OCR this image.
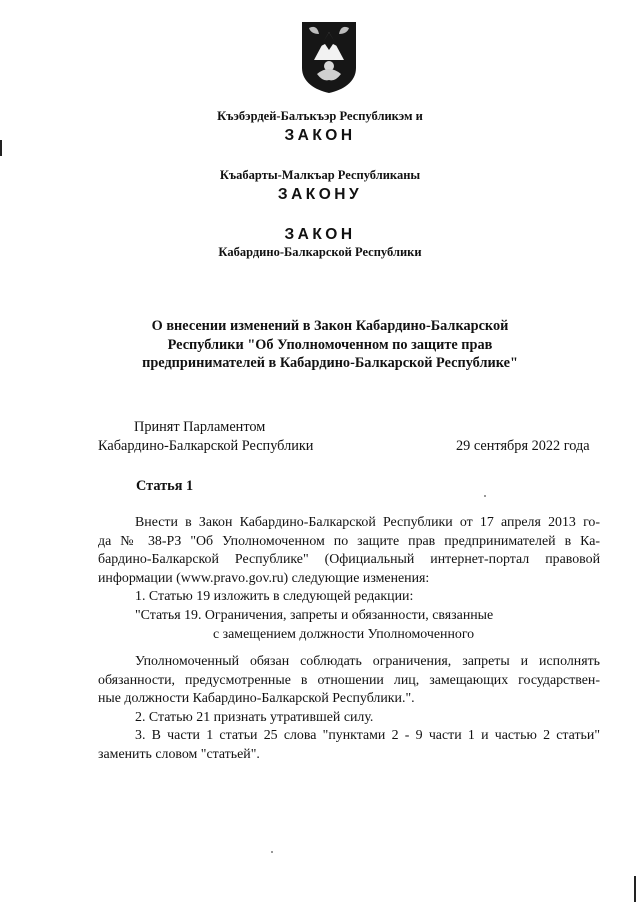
Къэбэрдей-Балъкъэр Республикэм и
ЗАКОН
Къабарты-Малкъар Республиканы
ЗАКОНУ
ЗАКОН
Кабардино-Балкарской Республики
О внесении изменений в Закон Кабардино-Балкарской
Республики "Об Уполномоченном по защите прав
предпринимателей в Кабардино-Балкарской Республике"
Принят Парламентом
Кабардино-Балкарской Республики	29 сентября 2022 года
Статья 1

Внести в Закон Кабардино-Балкарской Республики от 17 апреля 2013 го-

да № 38-РЗ "Об Уполномоченном по защите прав предпринимателей в Ка-

бардино-Балкарской Республике" (Официальный интернет-портал правовой

информации (www.pravo.gov.ru) следующие изменения:

1. Статью 19 изложить в следующей редакции:

"Статья 19. Ограничения, запреты и обязанности, связанные

с замещением должности Уполномоченного

Уполномоченный обязан соблюдать ограничения, запреты и исполнять

обязанности, предусмотренные в отношении лиц, замещающих государствен-

ные должности Кабардино-Балкарской Республики.".

2. Статью 21 признать утратившей силу.

3. В части 1 статьи 25 слова "пунктами 2 - 9 части 1 и частью 2 статьи"

заменить словом "статьей".
